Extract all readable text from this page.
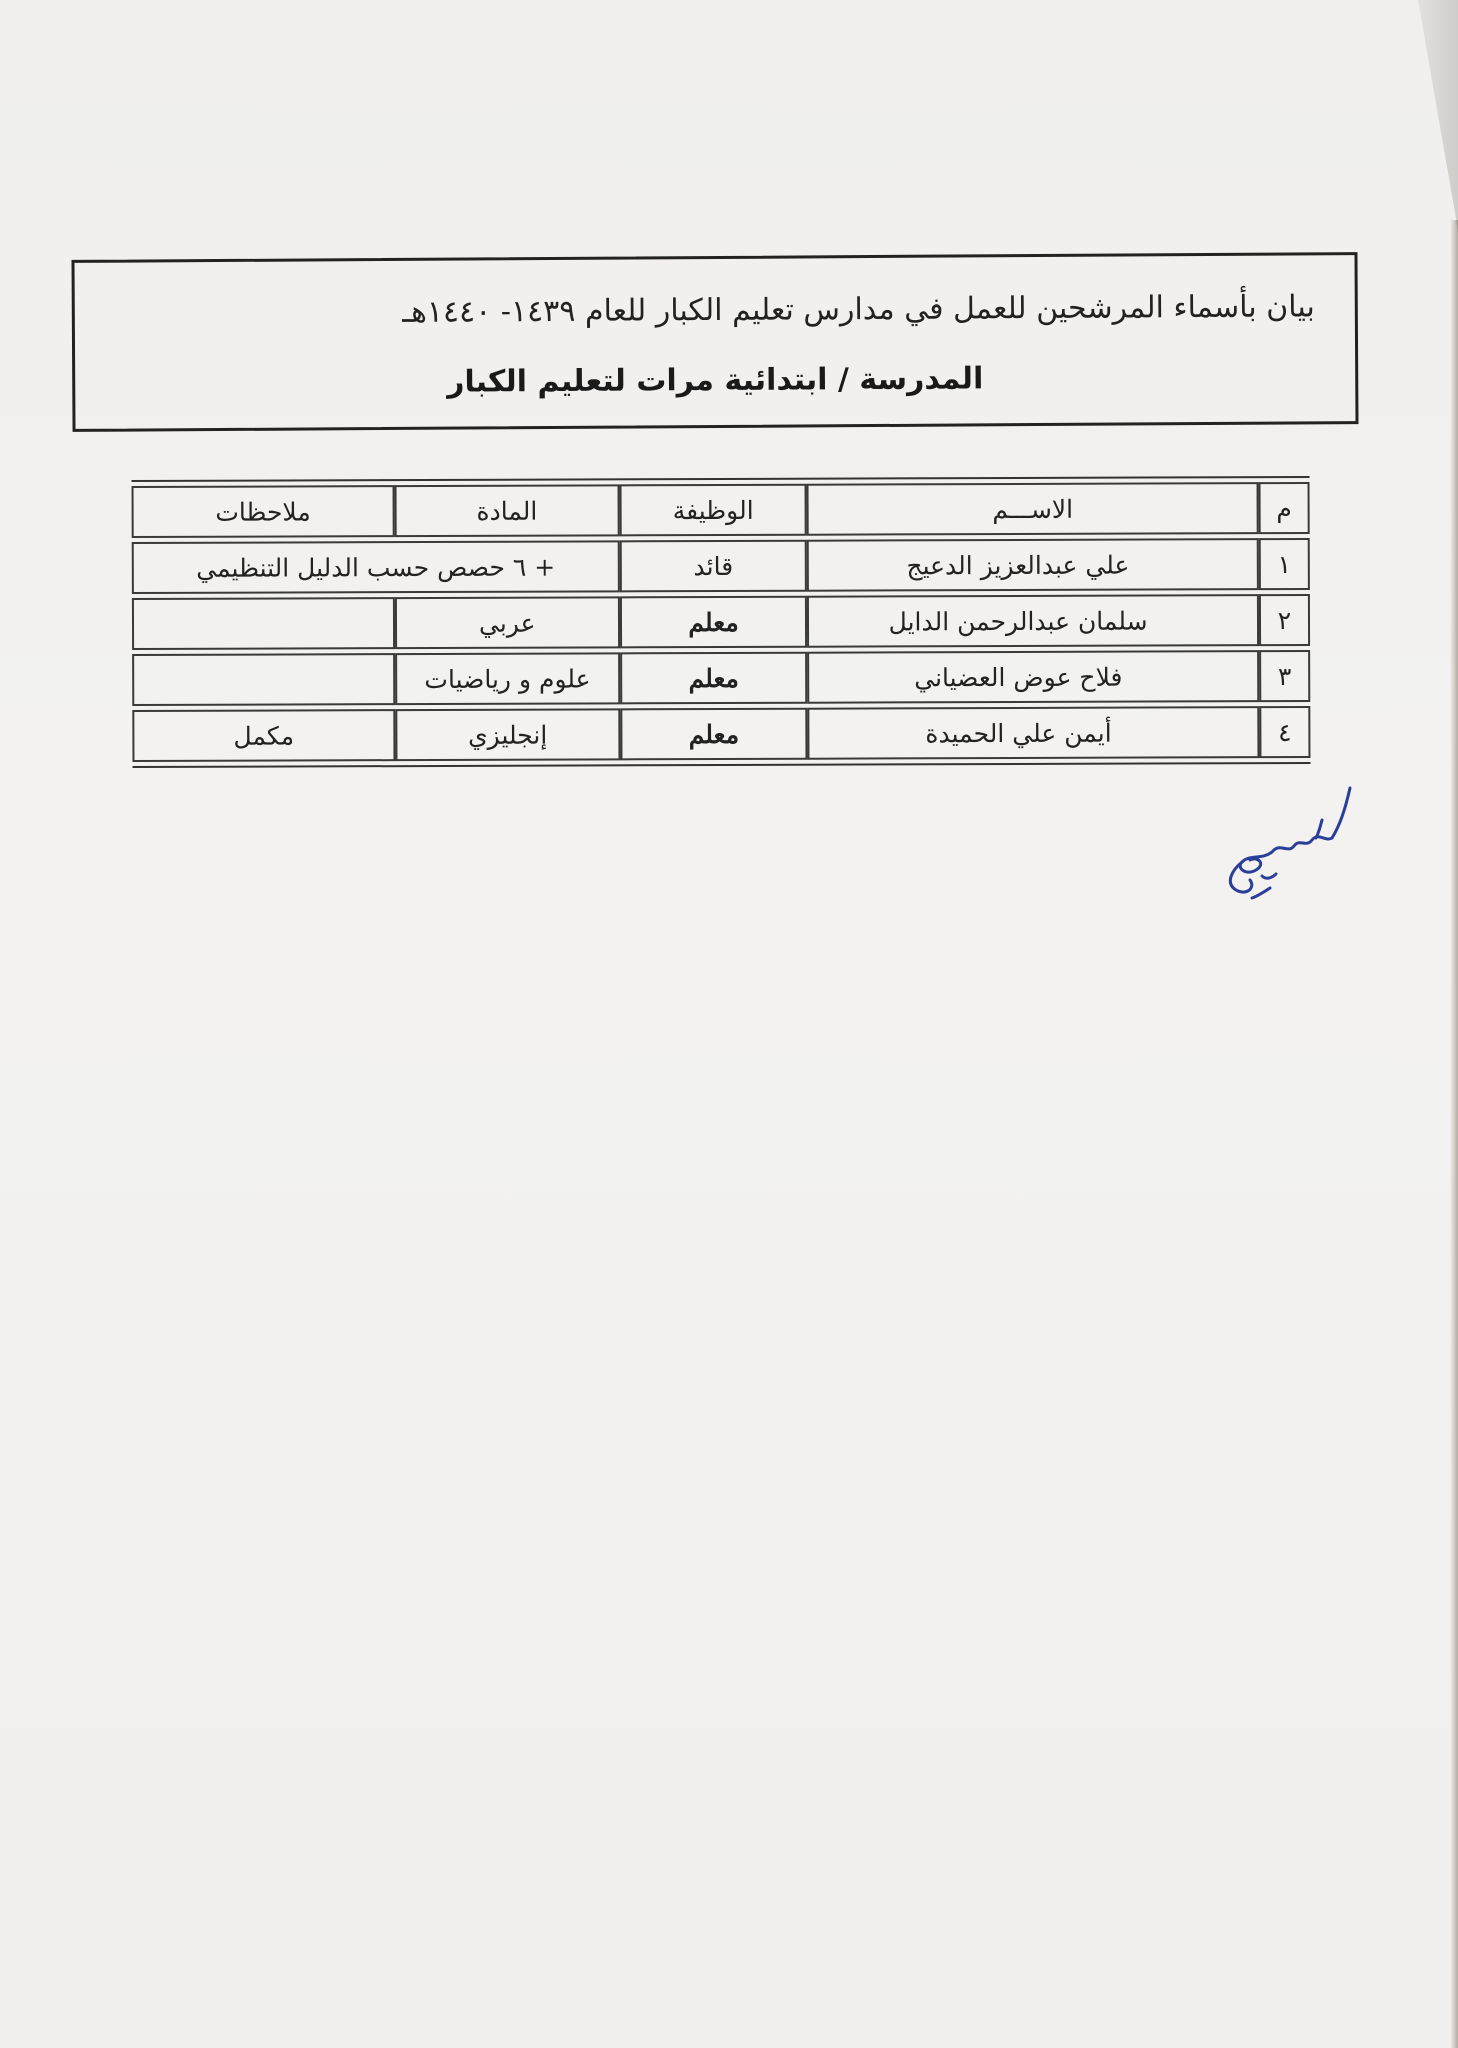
بيان بأسماء المرشحين للعمل في مدارس تعليم الكبار للعام ١٤٣٩- ١٤٤٠هـ
المدرسة / ابتدائية مرات لتعليم الكبار
م	الاســـم	الوظيفة	المادة	ملاحظات
١	علي عبدالعزيز الدعيج	قائد	+ ٦ حصص حسب الدليل التنظيمي	
٢	سلمان عبدالرحمن الدايل	معلم	عربي	
٣	فلاح عوض العضياني	معلم	علوم و رياضيات	
٤	أيمن علي الحميدة	معلم	إنجليزي	مكمل
